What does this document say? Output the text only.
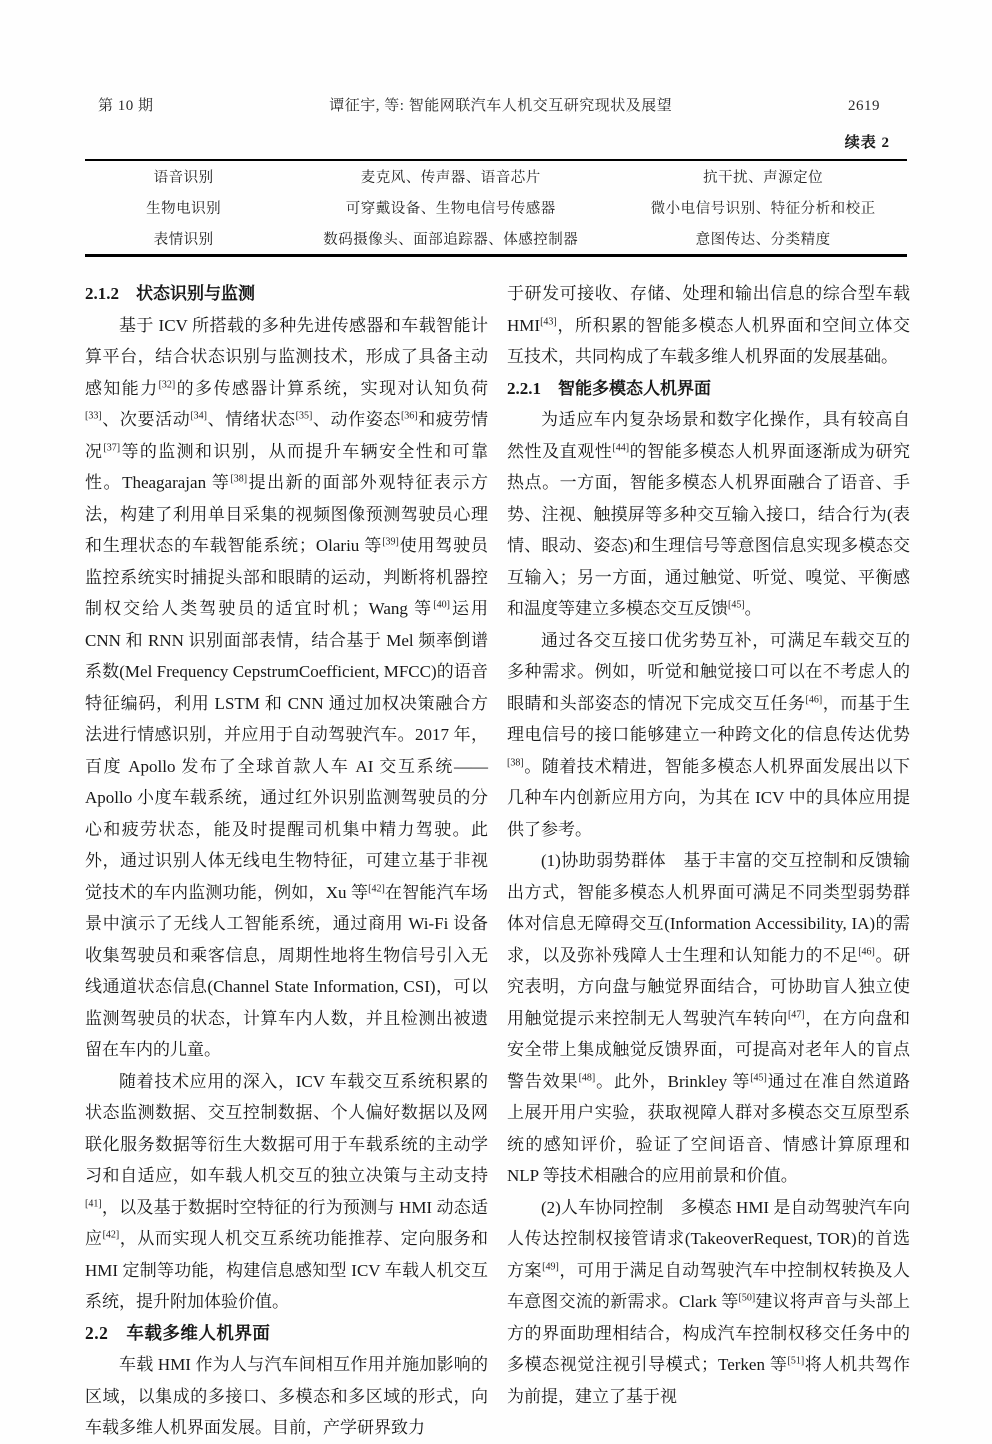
第 10 期	谭征宇, 等: 智能网联汽车人机交互研究现状及展望	2619
续表 2
语音识别	麦克风、传声器、语音芯片	抗干扰、声源定位
生物电识别	可穿戴设备、生物电信号传感器	微小电信号识别、特征分析和校正
表情识别	数码摄像头、面部追踪器、体感控制器	意图传达、分类精度
2.1.2　状态识别与监测

基于 ICV 所搭载的多种先进传感器和车载智能计算平台，结合状态识别与监测技术，形成了具备主动感知能力[32]的多传感器计算系统，实现对认知负荷[33]、次要活动[34]、情绪状态[35]、动作姿态[36]和疲劳情况[37]等的监测和识别，从而提升车辆安全性和可靠性。Theagarajan 等[38]提出新的面部外观特征表示方法，构建了利用单目采集的视频图像预测驾驶员心理和生理状态的车载智能系统；Olariu 等[39]使用驾驶员监控系统实时捕捉头部和眼睛的运动，判断将机器控制权交给人类驾驶员的适宜时机；Wang 等[40]运用 CNN 和 RNN 识别面部表情，结合基于 Mel 频率倒谱系数(Mel Frequency CepstrumCoefficient, MFCC)的语音特征编码，利用 LSTM 和 CNN 通过加权决策融合方法进行情感识别，并应用于自动驾驶汽车。2017 年，百度 Apollo 发布了全球首款人车 AI 交互系统——Apollo 小度车载系统，通过红外识别监测驾驶员的分心和疲劳状态，能及时提醒司机集中精力驾驶。此外，通过识别人体无线电生物特征，可建立基于非视觉技术的车内监测功能，例如，Xu 等[42]在智能汽车场景中演示了无线人工智能系统，通过商用 Wi-Fi 设备收集驾驶员和乘客信息，周期性地将生物信号引入无线通道状态信息(Channel State Information, CSI)，可以监测驾驶员的状态，计算车内人数，并且检测出被遗留在车内的儿童。

随着技术应用的深入，ICV 车载交互系统积累的状态监测数据、交互控制数据、个人偏好数据以及网联化服务数据等衍生大数据可用于车载系统的主动学习和自适应，如车载人机交互的独立决策与主动支持[41]，以及基于数据时空特征的行为预测与 HMI 动态适应[42]，从而实现人机交互系统功能推荐、定向服务和 HMI 定制等功能，构建信息感知型 ICV 车载人机交互系统，提升附加体验价值。

2.2　车载多维人机界面

车载 HMI 作为人与汽车间相互作用并施加影响的区域，以集成的多接口、多模态和多区域的形式，向车载多维人机界面发展。目前，产学研界致力

于研发可接收、存储、处理和输出信息的综合型车载 HMI[43]，所积累的智能多模态人机界面和空间立体交互技术，共同构成了车载多维人机界面的发展基础。

2.2.1　智能多模态人机界面

为适应车内复杂场景和数字化操作，具有较高自然性及直观性[44]的智能多模态人机界面逐渐成为研究热点。一方面，智能多模态人机界面融合了语音、手势、注视、触摸屏等多种交互输入接口，结合行为(表情、眼动、姿态)和生理信号等意图信息实现多模态交互输入；另一方面，通过触觉、听觉、嗅觉、平衡感和温度等建立多模态交互反馈[45]。

通过各交互接口优劣势互补，可满足车载交互的多种需求。例如，听觉和触觉接口可以在不考虑人的眼睛和头部姿态的情况下完成交互任务[46]，而基于生理电信号的接口能够建立一种跨文化的信息传达优势[38]。随着技术精进，智能多模态人机界面发展出以下几种车内创新应用方向，为其在 ICV 中的具体应用提供了参考。

(1)协助弱势群体　基于丰富的交互控制和反馈输出方式，智能多模态人机界面可满足不同类型弱势群体对信息无障碍交互(Information Accessibility, IA)的需求，以及弥补残障人士生理和认知能力的不足[46]。研究表明，方向盘与触觉界面结合，可协助盲人独立使用触觉提示来控制无人驾驶汽车转向[47]，在方向盘和安全带上集成触觉反馈界面，可提高对老年人的盲点警告效果[48]。此外，Brinkley 等[45]通过在准自然道路上展开用户实验，获取视障人群对多模态交互原型系统的感知评价，验证了空间语音、情感计算原理和 NLP 等技术相融合的应用前景和价值。

(2)人车协同控制　多模态 HMI 是自动驾驶汽车向人传达控制权接管请求(TakeoverRequest, TOR)的首选方案[49]，可用于满足自动驾驶汽车中控制权转换及人车意图交流的新需求。Clark 等[50]建议将声音与头部上方的界面助理相结合，构成汽车控制权移交任务中的多模态视觉注视引导模式；Terken 等[51]将人机共驾作为前提，建立了基于视
